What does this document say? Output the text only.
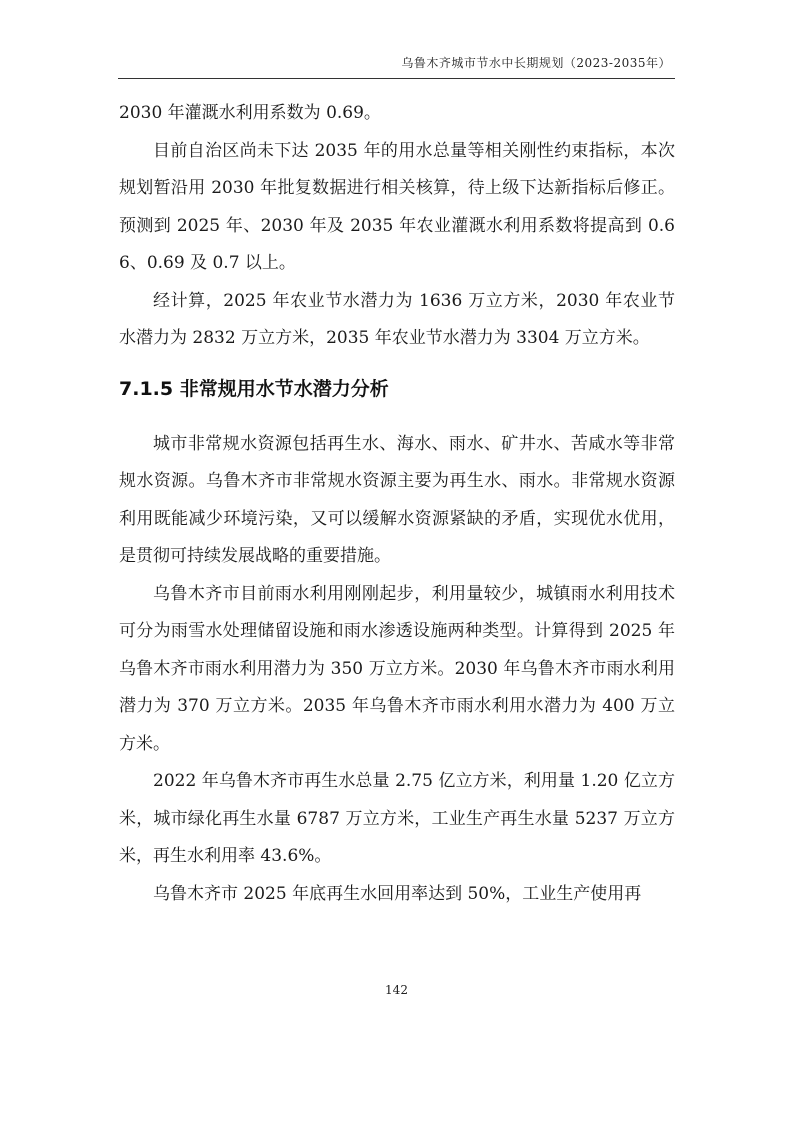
乌鲁木齐城市节水中长期规划（2023-2035年）

2030 年灌溉水利用系数为 0.69。

目前自治区尚未下达 2035 年的用水总量等相关刚性约束指标，本次规划暂沿用 2030 年批复数据进行相关核算，待上级下达新指标后修正。预测到 2025 年、2030 年及 2035 年农业灌溉水利用系数将提高到 0.66、0.69 及 0.7 以上。

经计算，2025 年农业节水潜力为 1636 万立方米，2030 年农业节水潜力为 2832 万立方米，2035 年农业节水潜力为 3304 万立方米。

7.1.5 非常规用水节水潜力分析

城市非常规水资源包括再生水、海水、雨水、矿井水、苦咸水等非常规水资源。乌鲁木齐市非常规水资源主要为再生水、雨水。非常规水资源利用既能减少环境污染，又可以缓解水资源紧缺的矛盾，实现优水优用，是贯彻可持续发展战略的重要措施。

乌鲁木齐市目前雨水利用刚刚起步，利用量较少，城镇雨水利用技术可分为雨雪水处理储留设施和雨水渗透设施两种类型。计算得到 2025 年乌鲁木齐市雨水利用潜力为 350 万立方米。2030 年乌鲁木齐市雨水利用潜力为 370 万立方米。2035 年乌鲁木齐市雨水利用水潜力为 400 万立方米。

2022 年乌鲁木齐市再生水总量 2.75 亿立方米，利用量 1.20 亿立方米，城市绿化再生水量 6787 万立方米，工业生产再生水量 5237 万立方米，再生水利用率 43.6%。

乌鲁木齐市 2025 年底再生水回用率达到 50%，工业生产使用再

142
